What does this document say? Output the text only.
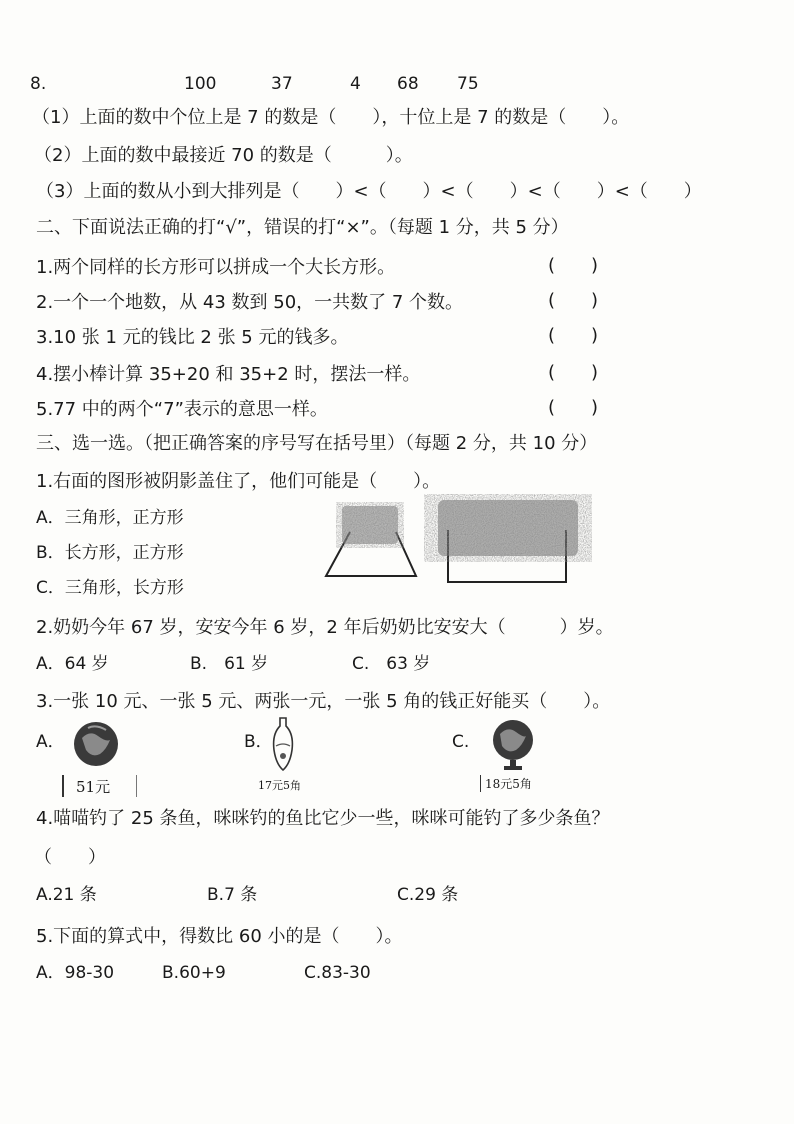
8.	100	37	4 68 75
（1）上面的数中个位上是 7 的数是（　　），十位上是 7 的数是（　　）。
（2）上面的数中最接近 70 的数是（　　　）。
（3）上面的数从小到大排列是（　　）<（　　）<（　　）<（　　）<（　　）
二、下面说法正确的打“√”，错误的打“×”。（每题 1 分，共 5 分）
1.两个同样的长方形可以拼成一个大长方形。	(　　)
2.一个一个地数，从 43 数到 50，一共数了 7 个数。	(　　)
3.10 张 1 元的钱比 2 张 5 元的钱多。	(　　)
4.摆小棒计算 35+20 和 35+2 时，摆法一样。	(　　)
5.77 中的两个“7”表示的意思一样。	(　　)
三、选一选。（把正确答案的序号写在括号里）（每题 2 分，共 10 分）
1.右面的图形被阴影盖住了，他们可能是（　　）。
A．三角形，正方形
B．长方形，正方形
C．三角形，长方形
2.奶奶今年 67 岁，安安今年 6 岁，2 年后奶奶比安安大（　　　）岁。
A．64 岁	B.　61 岁	C.　63 岁
3.一张 10 元、一张 5 元、两张一元，一张 5 角的钱正好能买（　　）。
A．
51元
B．
17元5角
C.
18元5角
4.喵喵钓了 25 条鱼，咪咪钓的鱼比它少一些，咪咪可能钓了多少条鱼？
（　　）
A.21 条	B.7 条	C.29 条
5.下面的算式中，得数比 60 小的是（　　）。
A．98-30	B.60+9	C.83-30
